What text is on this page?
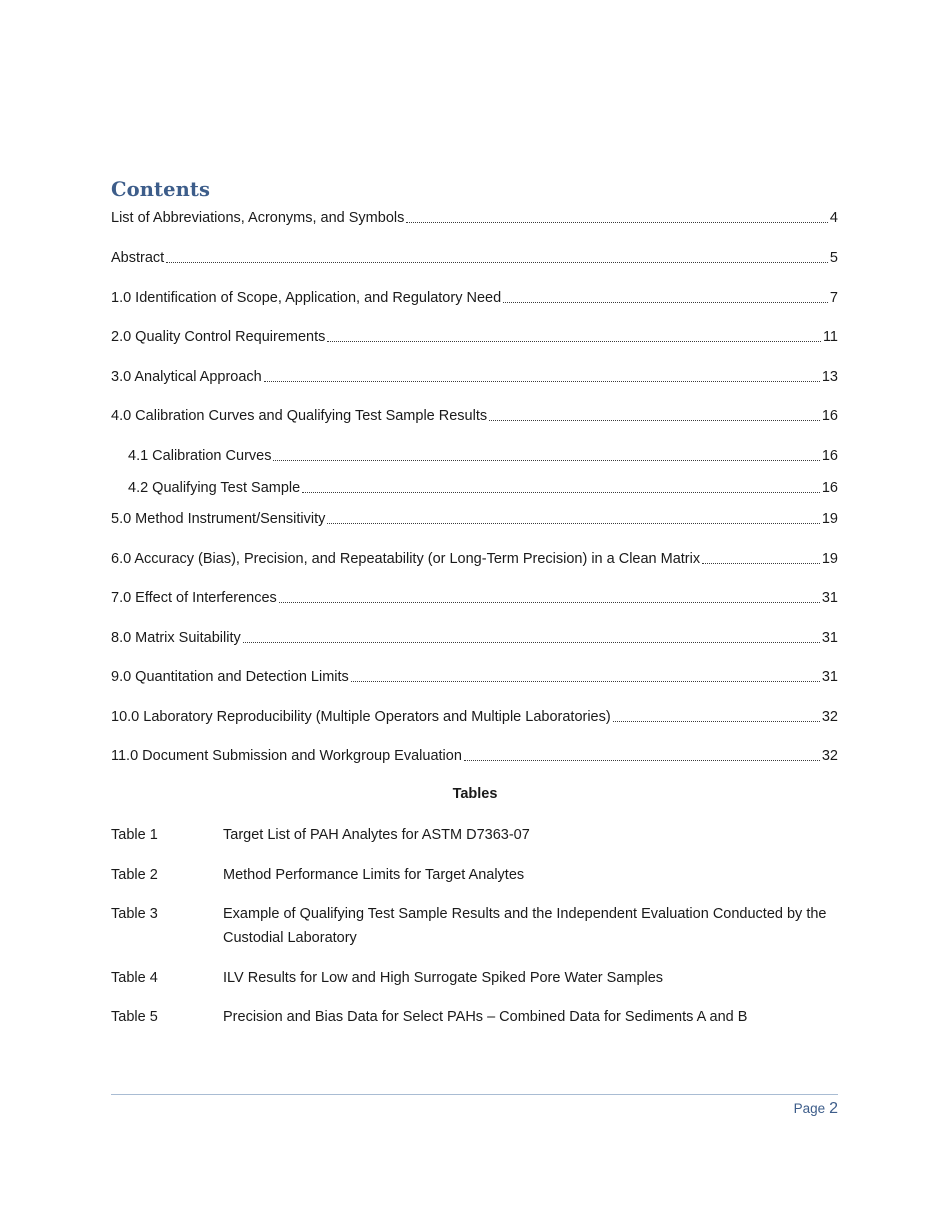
Contents
List of Abbreviations, Acronyms, and Symbols	4
Abstract	5
1.0 Identification of Scope, Application, and Regulatory Need	7
2.0 Quality Control Requirements	11
3.0 Analytical Approach	13
4.0 Calibration Curves and Qualifying Test Sample Results	16
4.1 Calibration Curves	16
4.2 Qualifying Test Sample	16
5.0 Method Instrument/Sensitivity	19
6.0 Accuracy (Bias), Precision, and Repeatability (or Long-Term Precision) in a Clean Matrix	19
7.0 Effect of Interferences	31
8.0 Matrix Suitability	31
9.0 Quantitation and Detection Limits	31
10.0 Laboratory Reproducibility (Multiple Operators and Multiple Laboratories)	32
11.0 Document Submission and Workgroup Evaluation	32
Tables
Table 1	Target List of PAH Analytes for ASTM D7363-07
Table 2	Method Performance Limits for Target Analytes
Table 3	Example of Qualifying Test Sample Results and the Independent Evaluation Conducted by the Custodial Laboratory
Table 4	ILV Results for Low and High Surrogate Spiked Pore Water Samples
Table 5	Precision and Bias Data for Select PAHs – Combined Data for Sediments A and B
Page 2
